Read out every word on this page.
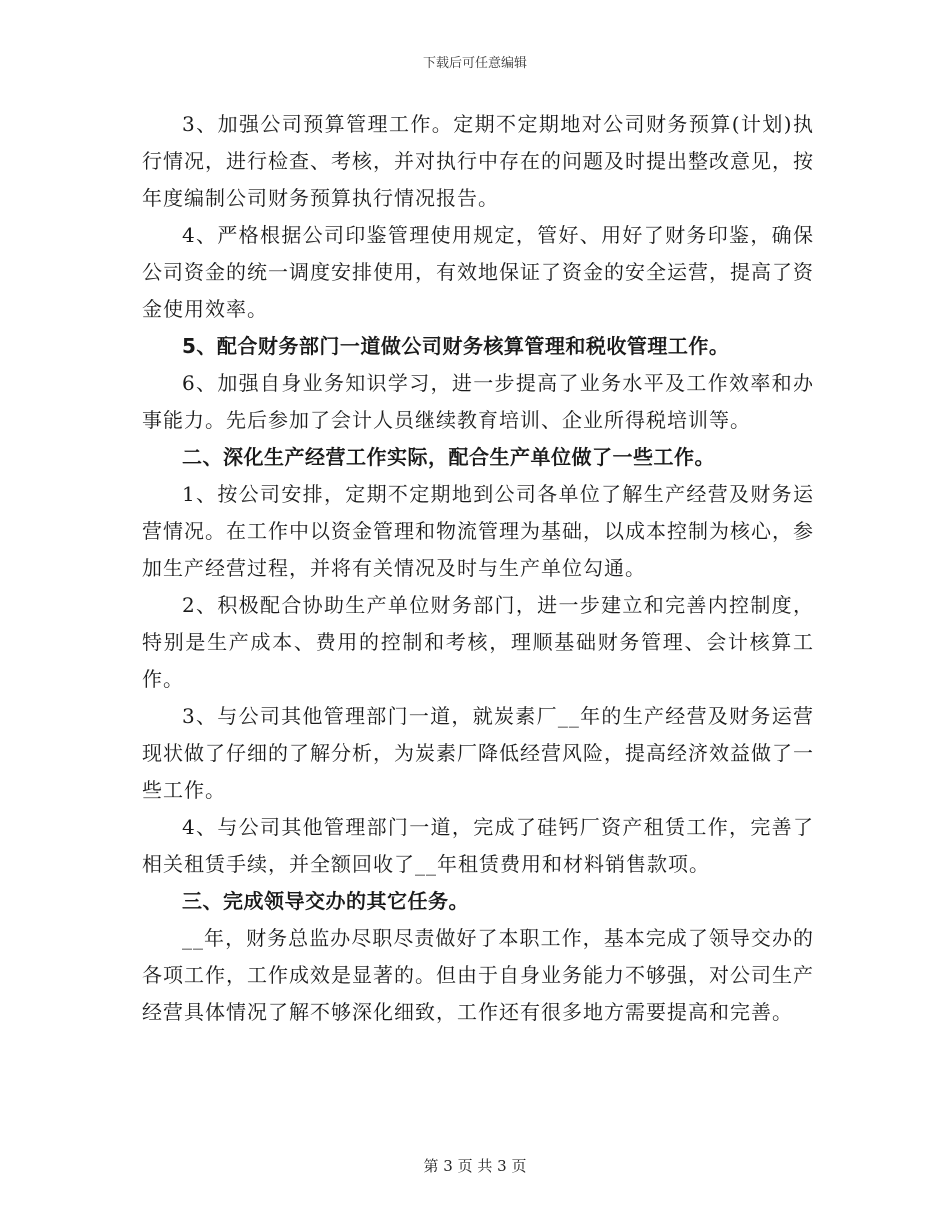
下载后可任意编辑

3、加强公司预算管理工作。定期不定期地对公司财务预算(计划)执行情况，进行检查、考核，并对执行中存在的问题及时提出整改意见，按年度编制公司财务预算执行情况报告。

4、严格根据公司印鉴管理使用规定，管好、用好了财务印鉴，确保公司资金的统一调度安排使用，有效地保证了资金的安全运营，提高了资金使用效率。

5、配合财务部门一道做公司财务核算管理和税收管理工作。

6、加强自身业务知识学习，进一步提高了业务水平及工作效率和办事能力。先后参加了会计人员继续教育培训、企业所得税培训等。

二、深化生产经营工作实际，配合生产单位做了一些工作。

1、按公司安排，定期不定期地到公司各单位了解生产经营及财务运营情况。在工作中以资金管理和物流管理为基础，以成本控制为核心，参加生产经营过程，并将有关情况及时与生产单位勾通。

2、积极配合协助生产单位财务部门，进一步建立和完善内控制度，特别是生产成本、费用的控制和考核，理顺基础财务管理、会计核算工作。

3、与公司其他管理部门一道，就炭素厂__年的生产经营及财务运营现状做了仔细的了解分析，为炭素厂降低经营风险，提高经济效益做了一些工作。

4、与公司其他管理部门一道，完成了硅钙厂资产租赁工作，完善了相关租赁手续，并全额回收了__年租赁费用和材料销售款项。

三、完成领导交办的其它任务。

__年，财务总监办尽职尽责做好了本职工作，基本完成了领导交办的各项工作，工作成效是显著的。但由于自身业务能力不够强，对公司生产经营具体情况了解不够深化细致，工作还有很多地方需要提高和完善。

第 3 页 共 3 页
